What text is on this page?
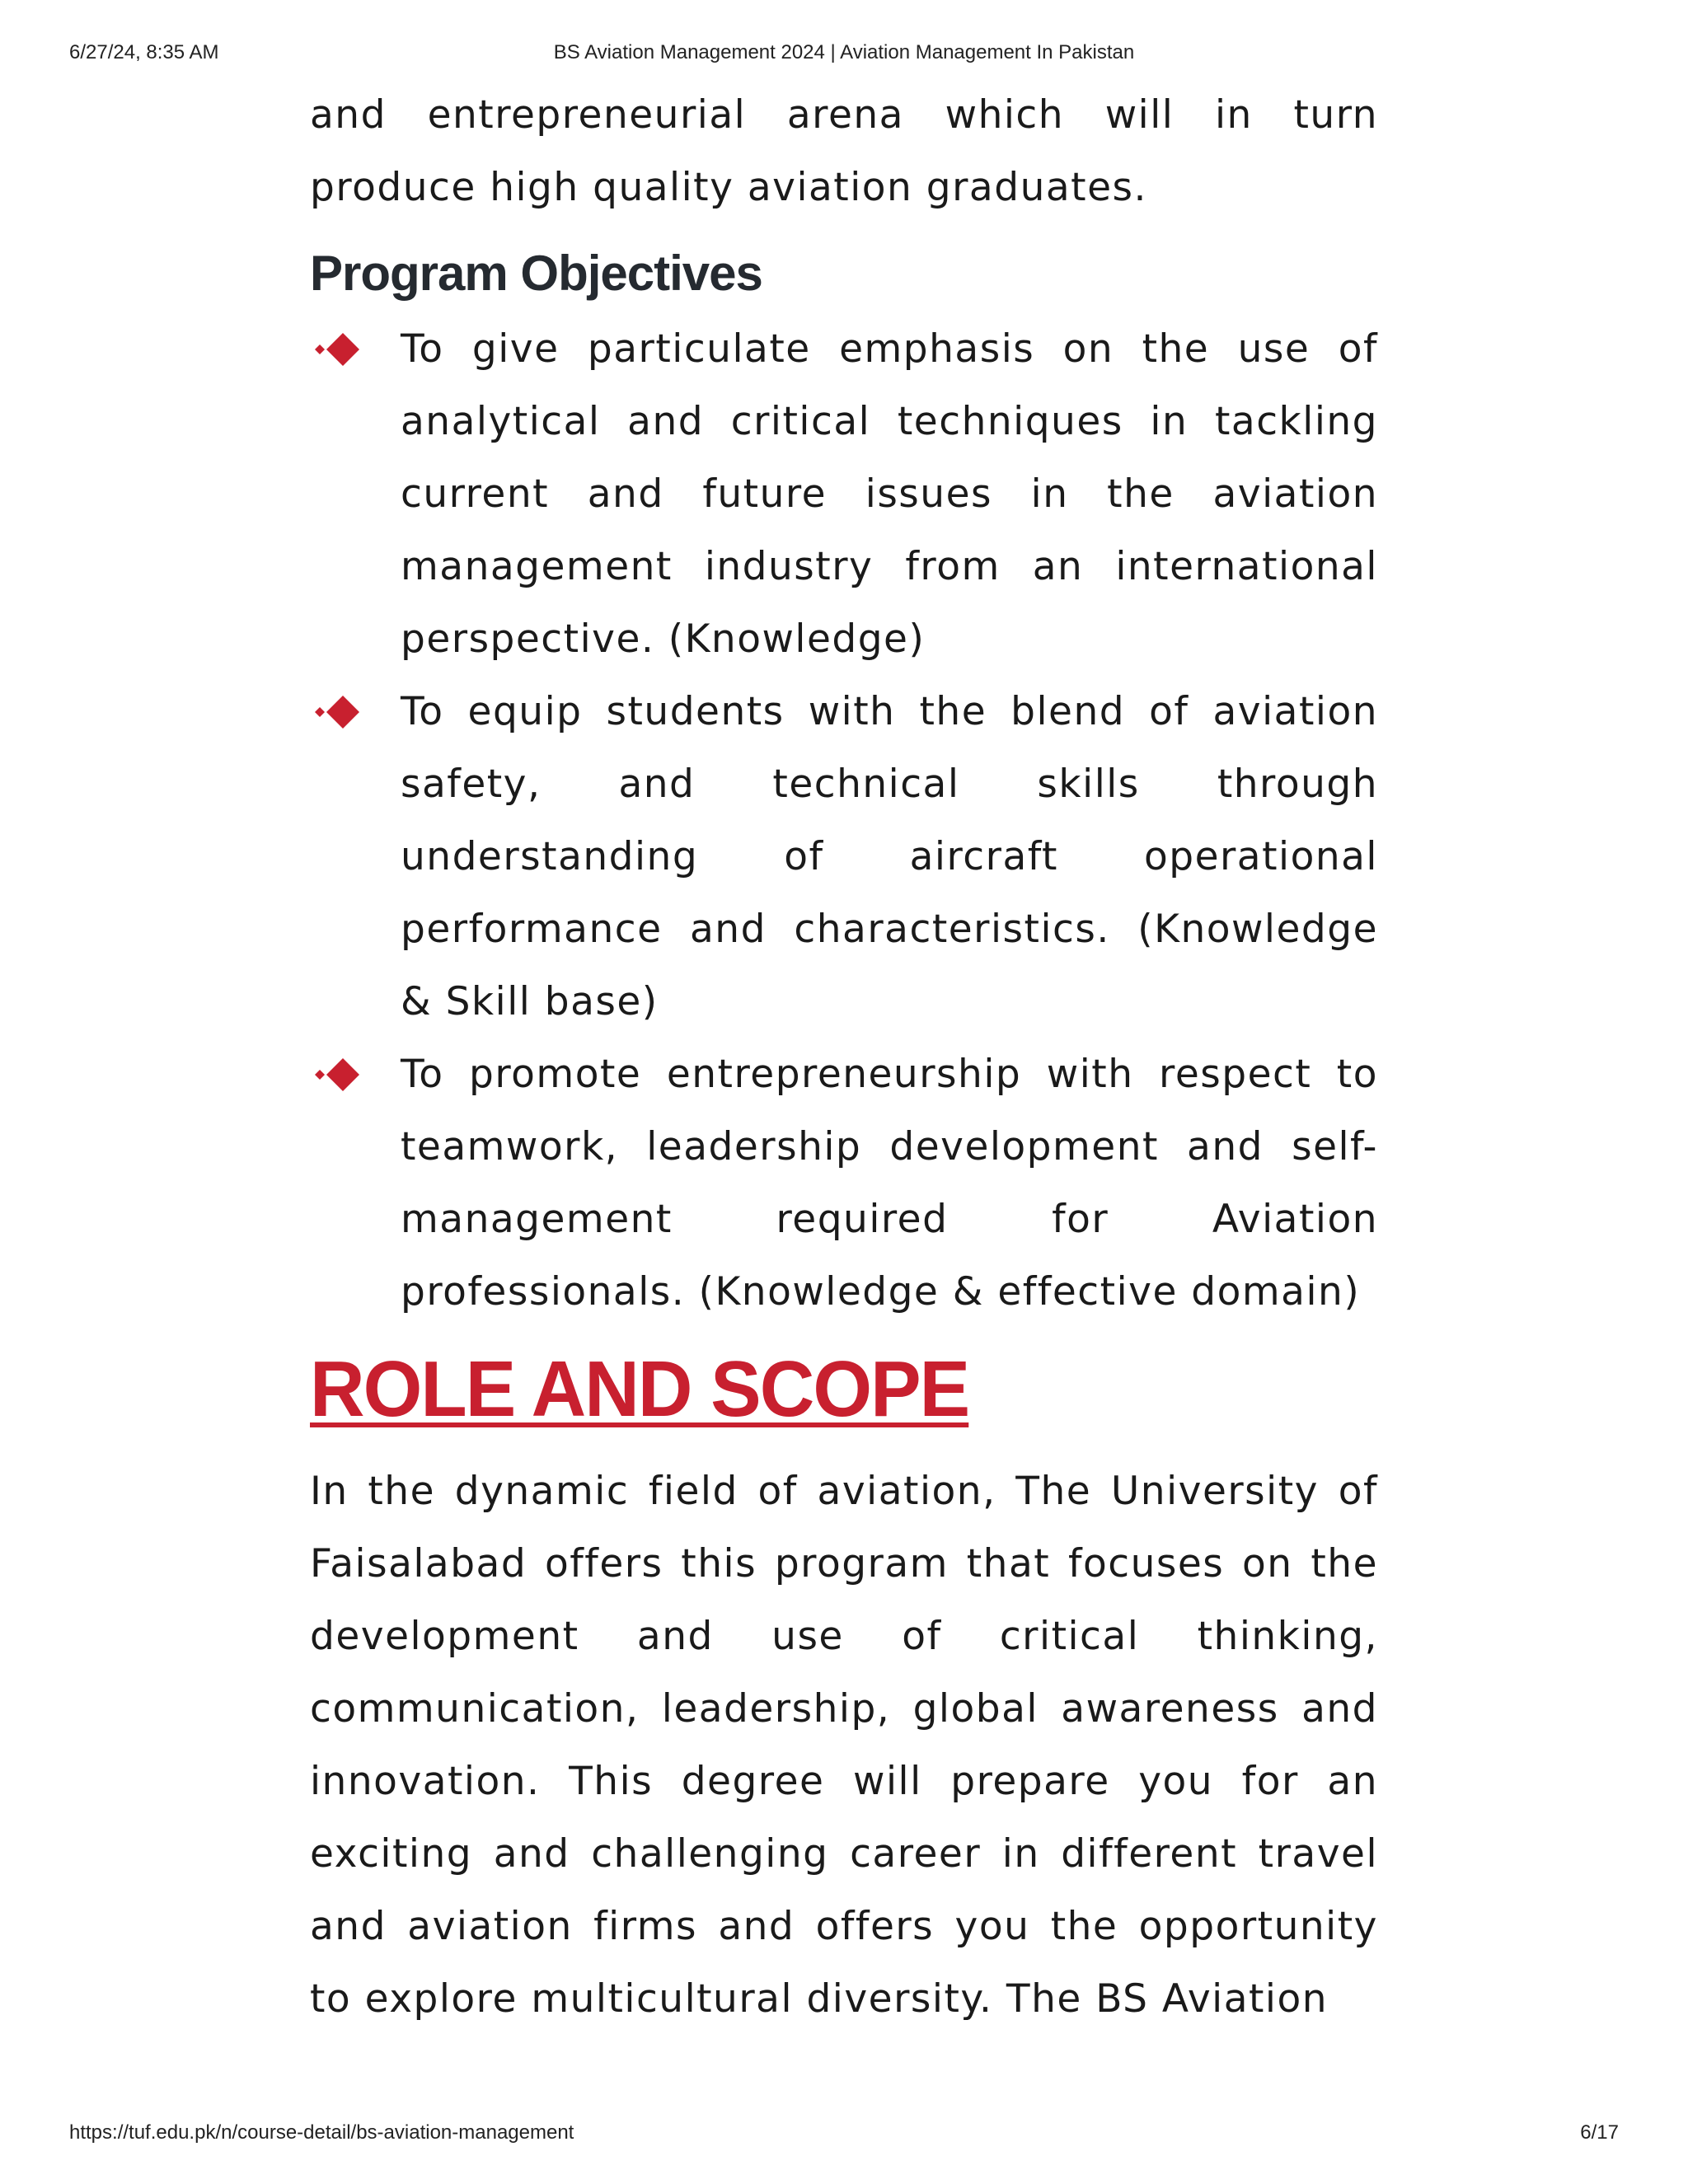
6/27/24, 8:35 AM	BS Aviation Management 2024 | Aviation Management In Pakistan

and entrepreneurial arena which will in turn produce high quality aviation graduates.

Program Objectives

To give particulate emphasis on the use of analytical and critical techniques in tackling current and future issues in the aviation management industry from an international perspective. (Knowledge)

To equip students with the blend of aviation safety, and technical skills through understanding of aircraft operational performance and characteristics. (Knowledge & Skill base)

To promote entrepreneurship with respect to teamwork, leadership development and self-management required for Aviation professionals. (Knowledge & effective domain)

ROLE AND SCOPE

In the dynamic field of aviation, The University of Faisalabad offers this program that focuses on the development and use of critical thinking, communication, leadership, global awareness and innovation. This degree will prepare you for an exciting and challenging career in different travel and aviation firms and offers you the opportunity to explore multicultural diversity. The BS Aviation

https://tuf.edu.pk/n/course-detail/bs-aviation-management	6/17
